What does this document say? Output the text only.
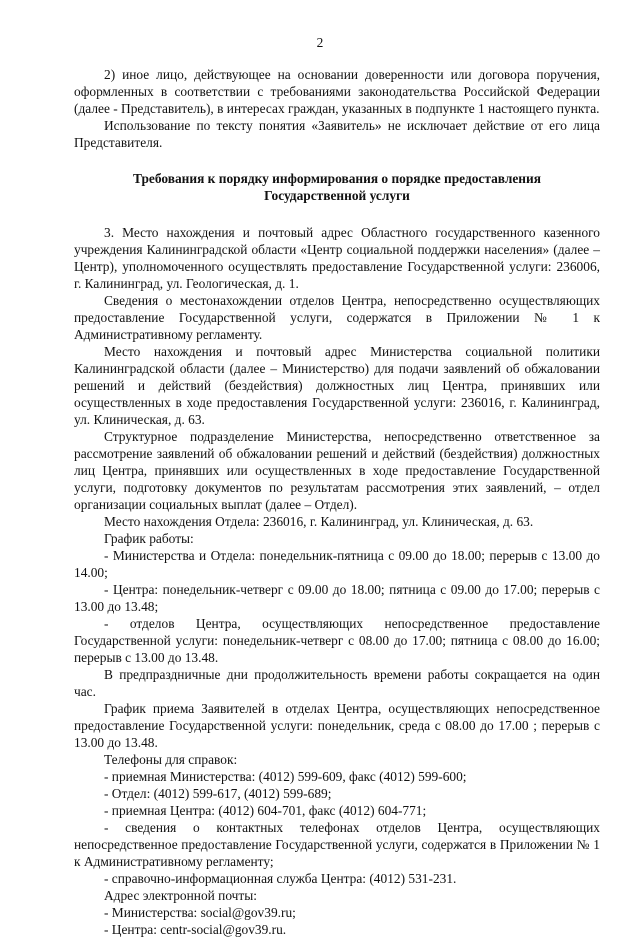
2

2) иное лицо, действующее на основании доверенности или договора поручения, оформленных в соответствии с требованиями законодательства Российской Федерации (далее - Представитель), в интересах граждан, указанных в подпункте 1 настоящего пункта.

Использование по тексту понятия «Заявитель» не исключает действие от его лица Представителя.

Требования к порядку информирования о порядке предоставления
Государственной услуги

3. Место нахождения и почтовый адрес Областного государственного казенного учреждения Калининградской области «Центр социальной поддержки населения» (далее – Центр), уполномоченного осуществлять предоставление Государственной услуги: 236006, г. Калининград, ул. Геологическая, д. 1.

Сведения о местонахождении отделов Центра, непосредственно осуществляющих предоставление Государственной услуги, содержатся в Приложении № 1 к Административному регламенту.

Место нахождения и почтовый адрес Министерства социальной политики Калининградской области (далее – Министерство) для подачи заявлений об обжаловании решений и действий (бездействия) должностных лиц Центра, принявших или осуществленных в ходе предоставления Государственной услуги: 236016, г. Калининград, ул. Клиническая, д. 63.

Структурное подразделение Министерства, непосредственно ответственное за рассмотрение заявлений об обжаловании решений и действий (бездействия) должностных лиц Центра, принявших или осуществленных в ходе предоставление Государственной услуги, подготовку документов по результатам рассмотрения этих заявлений, – отдел организации социальных выплат (далее – Отдел).

Место нахождения Отдела: 236016, г. Калининград, ул. Клиническая, д. 63.

График работы:

- Министерства и Отдела: понедельник-пятница с 09.00 до 18.00; перерыв с 13.00 до 14.00;

- Центра: понедельник-четверг с 09.00 до 18.00; пятница с 09.00 до 17.00; перерыв с 13.00 до 13.48;

- отделов Центра, осуществляющих непосредственное предоставление Государственной услуги: понедельник-четверг с 08.00 до 17.00; пятница с 08.00 до 16.00; перерыв с 13.00 до 13.48.

В предпраздничные дни продолжительность времени работы сокращается на один час.

График приема Заявителей в отделах Центра, осуществляющих непосредственное предоставление Государственной услуги: понедельник, среда с 08.00 до 17.00 ; перерыв с 13.00 до 13.48.

Телефоны для справок:

- приемная Министерства: (4012) 599-609, факс (4012) 599-600;

- Отдел: (4012) 599-617, (4012) 599-689;

- приемная Центра: (4012) 604-701, факс (4012) 604-771;

- сведения о контактных телефонах отделов Центра, осуществляющих непосредственное предоставление Государственной услуги, содержатся в Приложении № 1 к Административному регламенту;

- справочно-информационная служба Центра: (4012) 531-231.

Адрес электронной почты:

- Министерства: social@gov39.ru;

- Центра: centr-social@gov39.ru.
